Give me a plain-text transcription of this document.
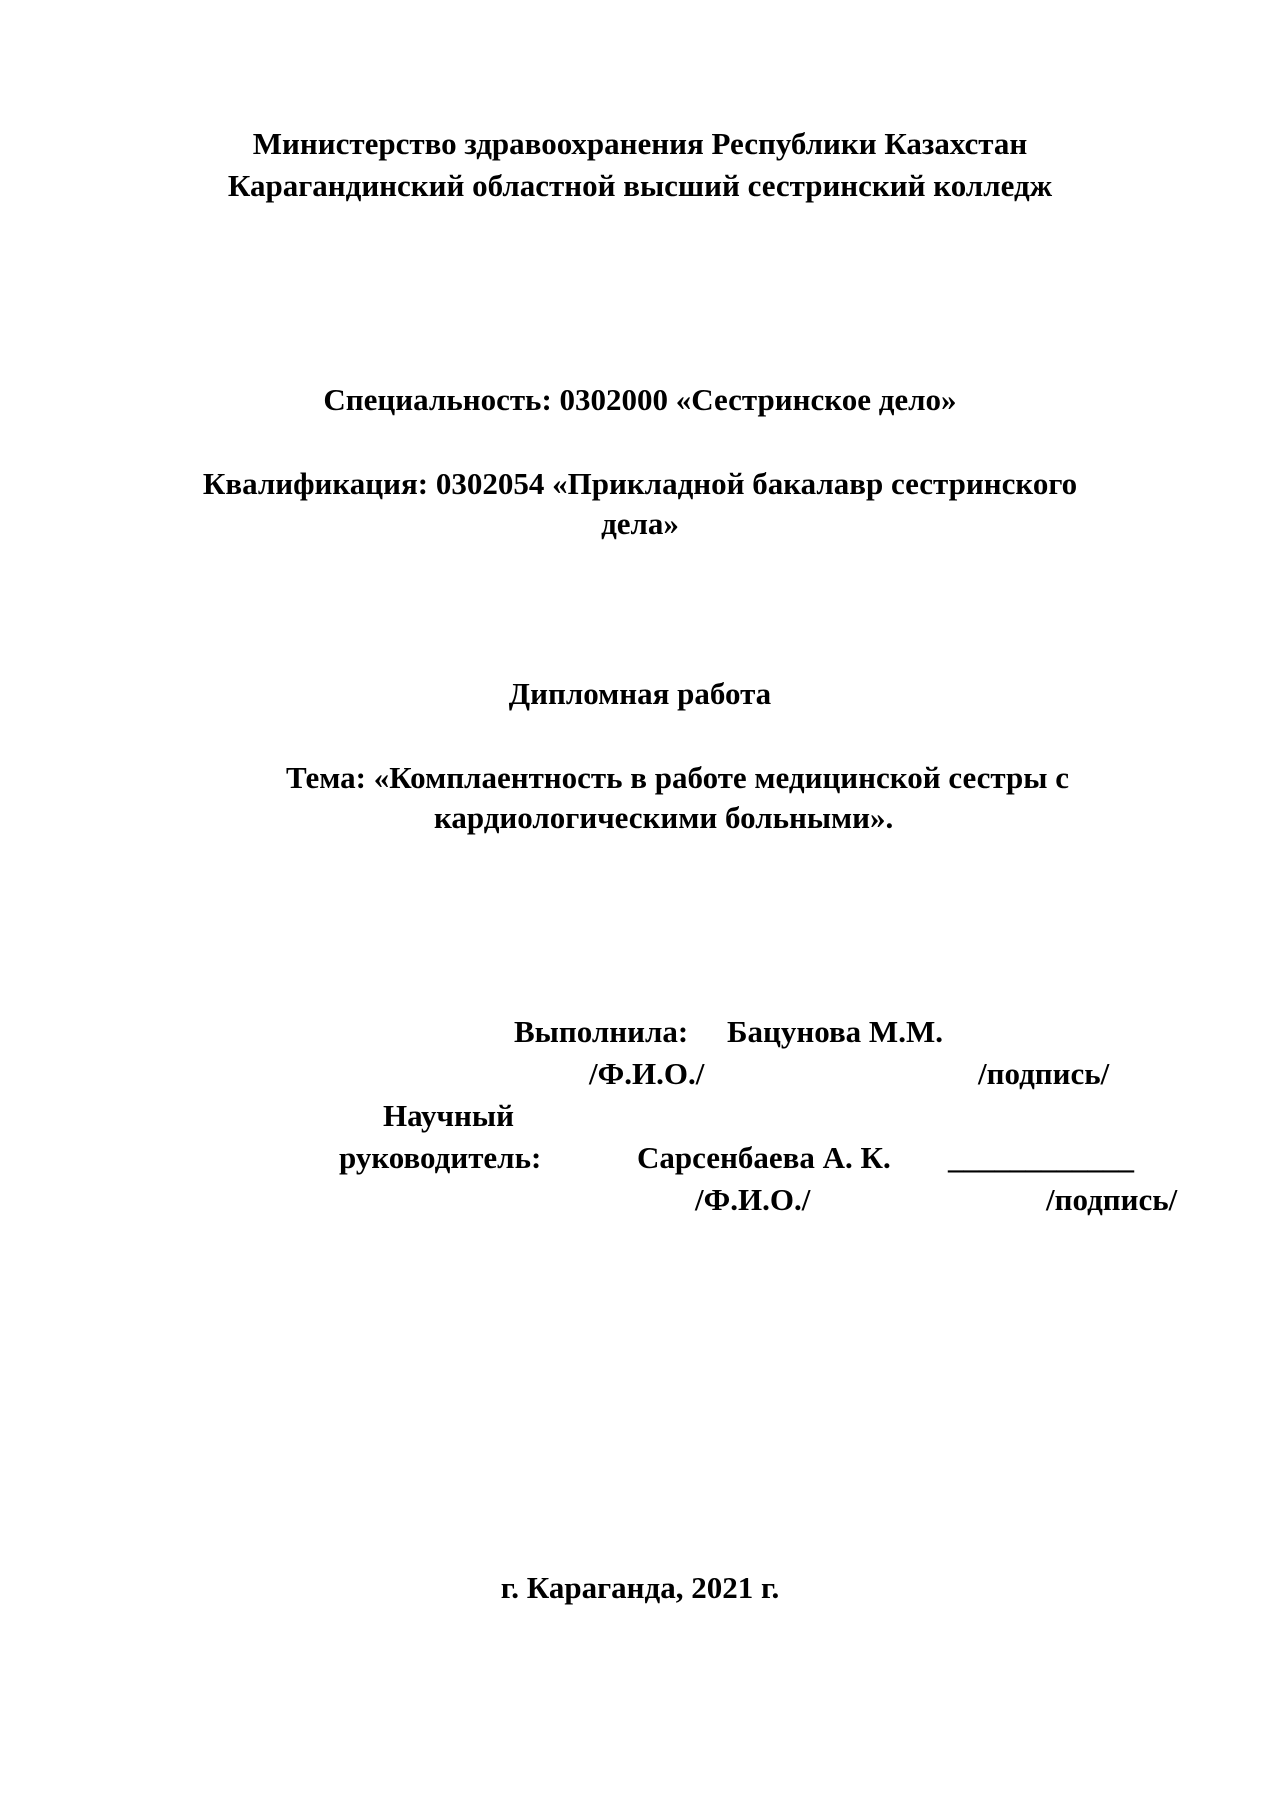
Министерство здравоохранения Республики Казахстан
Карагандинский областной высший сестринский колледж
Специальность: 0302000 «Сестринское дело»
Квалификация: 0302054 «Прикладной бакалавр сестринского
дела»
Дипломная работа
Тема: «Комплаентность в работе медицинской сестры с
кардиологическими больными».
Выполнила: Бацунова М.М.
/Ф.И.О./	/подпись/
Научный
руководитель:	Сарсенбаева А. К. ____________
/Ф.И.О./	/подпись/
г. Караганда, 2021 г.
